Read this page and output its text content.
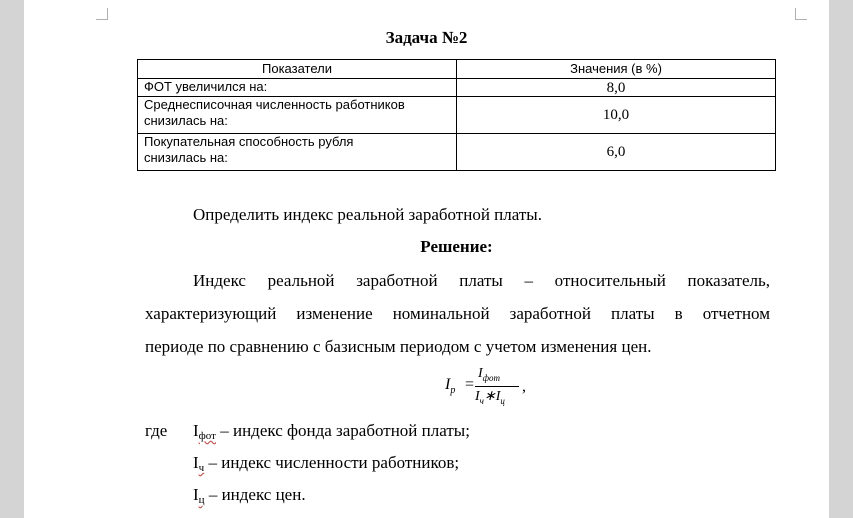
Задача №2
Показатели	Значения (в %)
ФОТ увеличился на:	8,0

Среднесписочная численность работников
снизилась на:	10,0

Покупательная способность рубля
снизилась на:	6,0
Определить индекс реальной заработной платы.
Решение:
Индекс реальной заработной платы – относительный показатель,
характеризующий изменение номинальной заработной платы в отчетном
периоде по сравнению с базисным периодом с учетом изменения цен.
$I_р$ =
$I_{фот}$
$I_ч∗I_ц$
,
где $I_{фот}$ – индекс фонда заработной платы;
$I_ч$ – индекс численности работников;
$I_ц$ – индекс цен.
